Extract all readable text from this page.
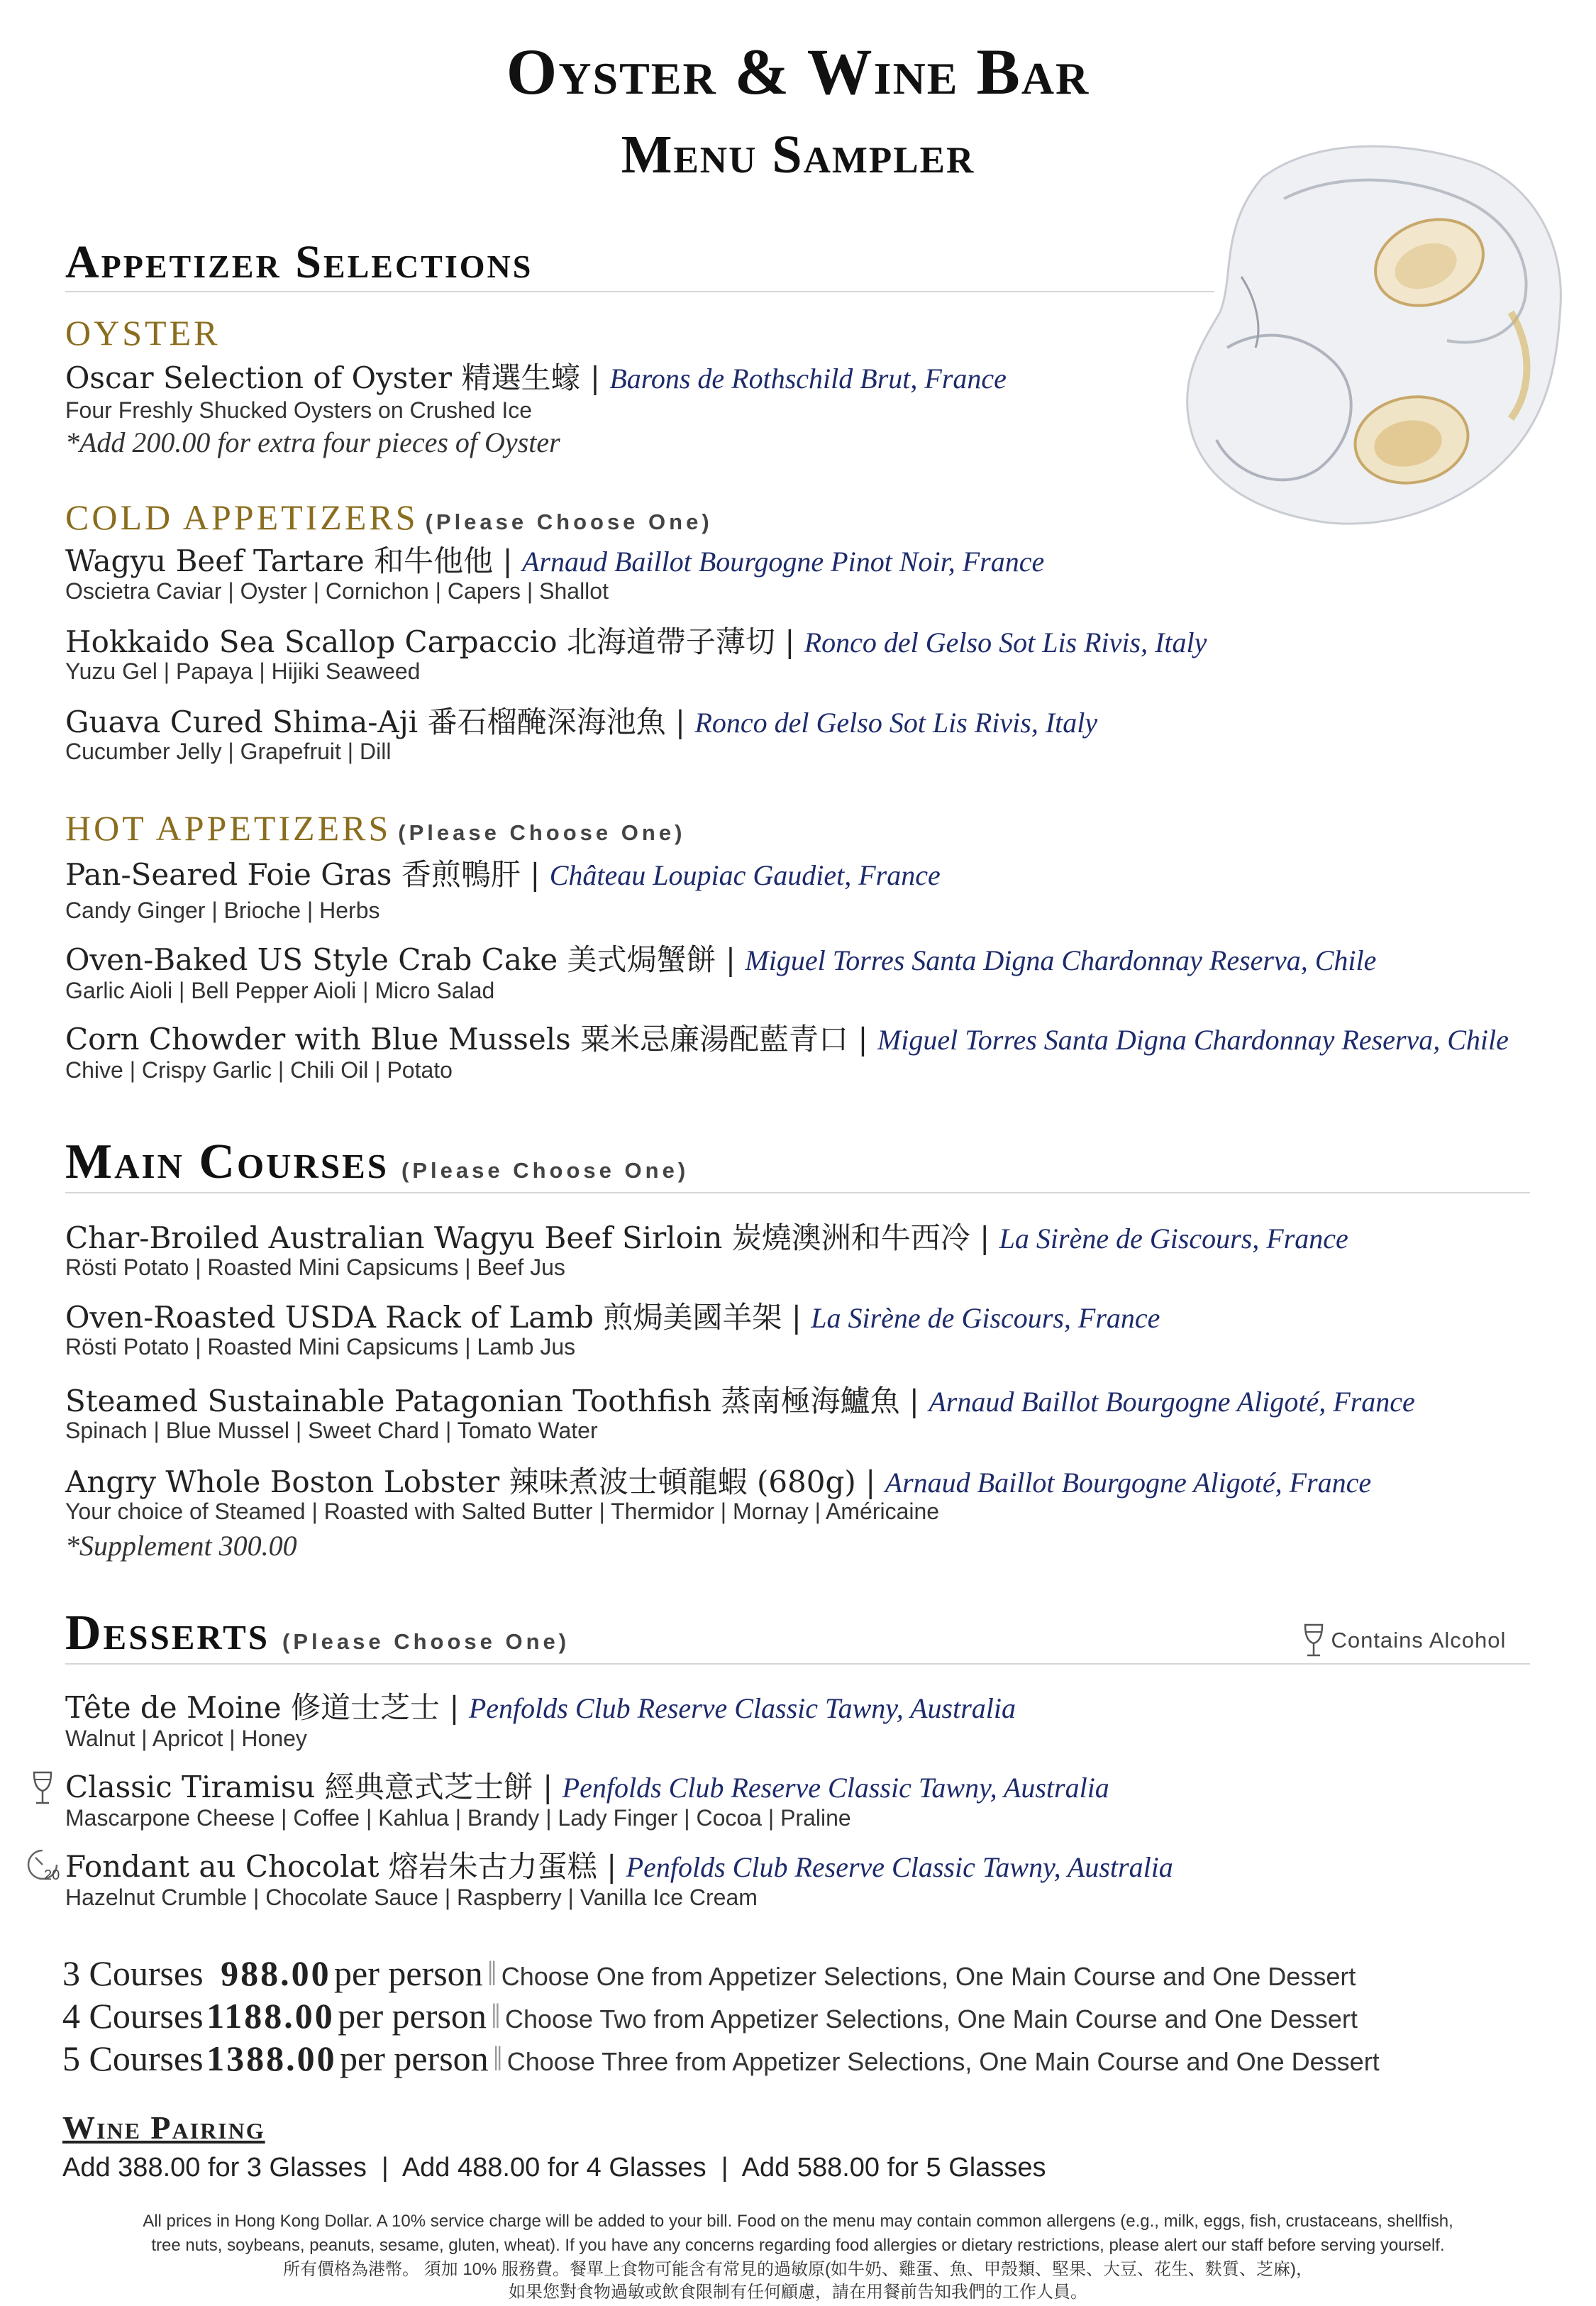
Oyster & Wine Bar
Menu Sampler
Appetizer Selections
OYSTER
Oscar Selection of Oyster 精選生蠔 | Barons de Rothschild Brut, France
Four Freshly Shucked Oysters on Crushed Ice
*Add 200.00 for extra four pieces of Oyster
COLD APPETIZERS (Please Choose One)
Wagyu Beef Tartare 和牛他他 | Arnaud Baillot Bourgogne Pinot Noir, France
Oscietra Caviar | Oyster | Cornichon | Capers | Shallot
Hokkaido Sea Scallop Carpaccio 北海道帶子薄切 | Ronco del Gelso Sot Lis Rivis, Italy
Yuzu Gel | Papaya | Hijiki Seaweed
Guava Cured Shima-Aji 番石榴醃深海池魚 | Ronco del Gelso Sot Lis Rivis, Italy
Cucumber Jelly | Grapefruit | Dill
HOT APPETIZERS (Please Choose One)
Pan-Seared Foie Gras 香煎鴨肝 | Château Loupiac Gaudiet, France
Candy Ginger | Brioche | Herbs
Oven-Baked US Style Crab Cake 美式焗蟹餅 | Miguel Torres Santa Digna Chardonnay Reserva, Chile
Garlic Aioli | Bell Pepper Aioli | Micro Salad
Corn Chowder with Blue Mussels 粟米忌廉湯配藍青口 | Miguel Torres Santa Digna Chardonnay Reserva, Chile
Chive | Crispy Garlic | Chili Oil | Potato
Main Courses (Please Choose One)
Char-Broiled Australian Wagyu Beef Sirloin 炭燒澳洲和牛西冷 | La Sirène de Giscours, France
Rösti Potato | Roasted Mini Capsicums | Beef Jus
Oven-Roasted USDA Rack of Lamb 煎焗美國羊架 | La Sirène de Giscours, France
Rösti Potato | Roasted Mini Capsicums | Lamb Jus
Steamed Sustainable Patagonian Toothfish 蒸南極海鱸魚 | Arnaud Baillot Bourgogne Aligoté, France
Spinach | Blue Mussel | Sweet Chard | Tomato Water
Angry Whole Boston Lobster 辣味煮波士頓龍蝦 (680g) | Arnaud Baillot Bourgogne Aligoté, France
Your choice of Steamed | Roasted with Salted Butter | Thermidor | Mornay | Américaine
*Supplement 300.00
Desserts (Please Choose One)	Contains Alcohol
Tête de Moine 修道士芝士 | Penfolds Club Reserve Classic Tawny, Australia
Walnut | Apricot | Honey
Classic Tiramisu 經典意式芝士餅 | Penfolds Club Reserve Classic Tawny, Australia
Mascarpone Cheese | Coffee | Kahlua | Brandy | Lady Finger | Cocoa | Praline
20 Fondant au Chocolat 熔岩朱古力蛋糕 | Penfolds Club Reserve Classic Tawny, Australia
Hazelnut Crumble | Chocolate Sauce | Raspberry | Vanilla Ice Cream
3 Courses 988.00 per person ‖ Choose One from Appetizer Selections, One Main Course and One Dessert
4 Courses 1188.00 per person ‖ Choose Two from Appetizer Selections, One Main Course and One Dessert
5 Courses 1388.00 per person ‖ Choose Three from Appetizer Selections, One Main Course and One Dessert
Wine Pairing
Add 388.00 for 3 Glasses  |  Add 488.00 for 4 Glasses  |  Add 588.00 for 5 Glasses
All prices in Hong Kong Dollar. A 10% service charge will be added to your bill. Food on the menu may contain common allergens (e.g., milk, eggs, fish, crustaceans, shellfish,
tree nuts, soybeans, peanuts, sesame, gluten, wheat). If you have any concerns regarding food allergies or dietary restrictions, please alert our staff before serving yourself.
所有價格為港幣。 須加 10% 服務費。餐單上食物可能含有常見的過敏原(如牛奶、雞蛋、魚、甲殼類、堅果、大豆、花生、麩質、芝麻)，
如果您對食物過敏或飲食限制有任何顧慮，請在用餐前告知我們的工作人員。
